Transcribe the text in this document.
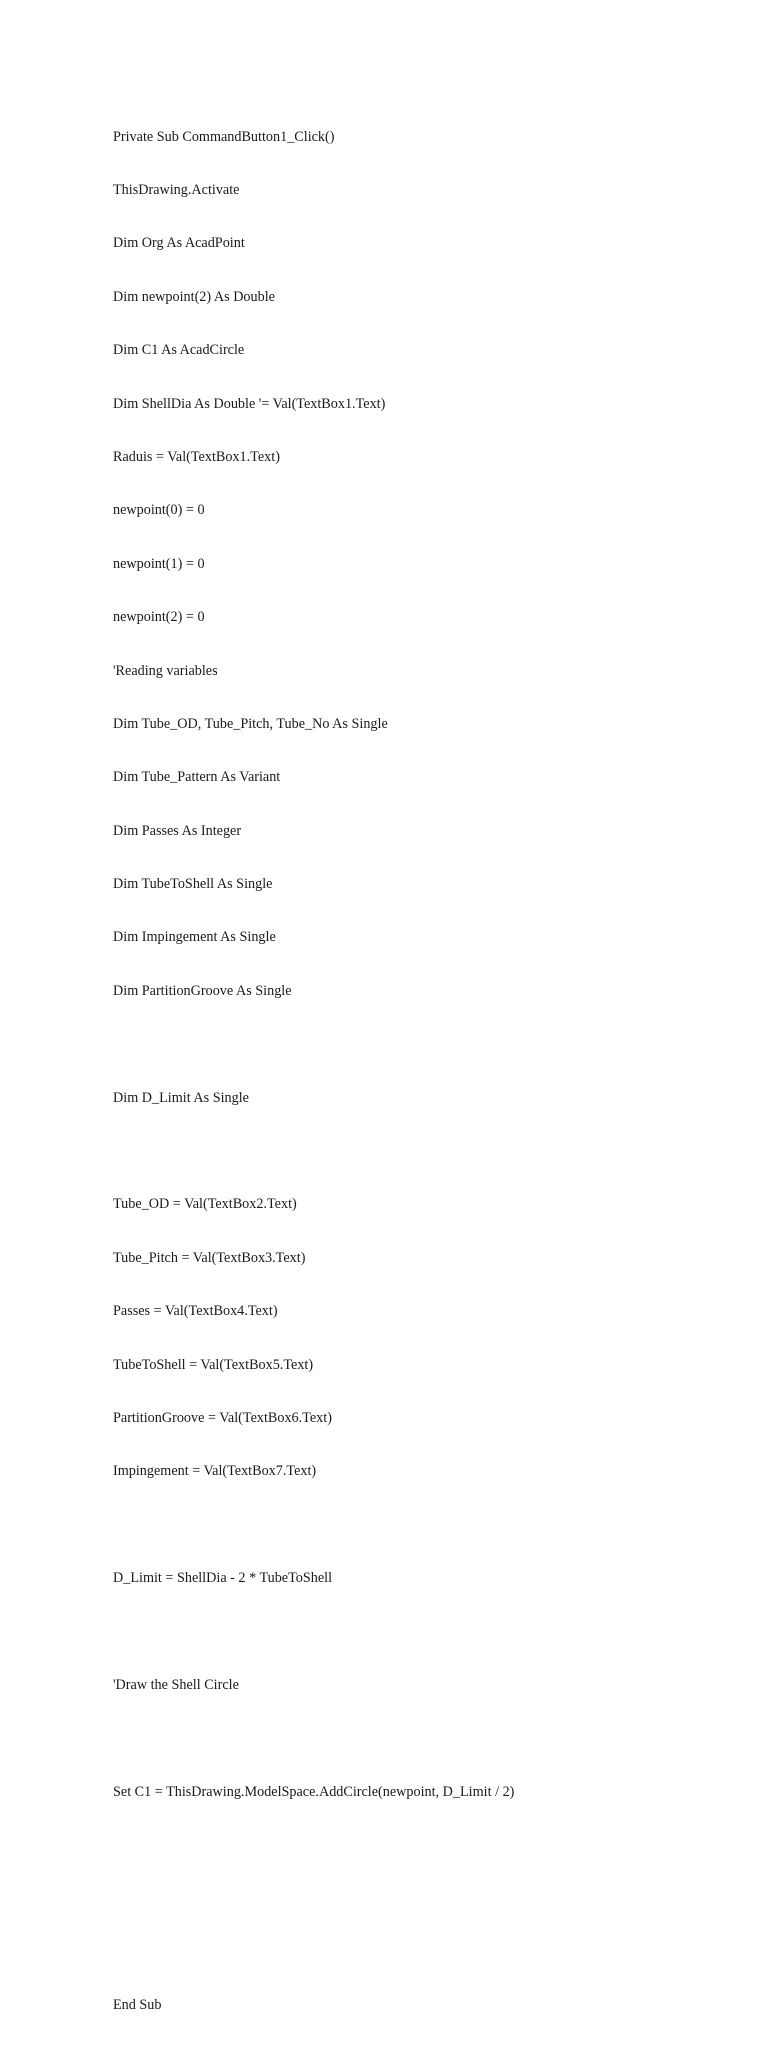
Private Sub CommandButton1_Click()

ThisDrawing.Activate

Dim Org As AcadPoint

Dim newpoint(2) As Double

Dim C1 As AcadCircle

Dim ShellDia As Double '= Val(TextBox1.Text)

Raduis = Val(TextBox1.Text)

newpoint(0) = 0

newpoint(1) = 0

newpoint(2) = 0

'Reading variables

Dim Tube_OD, Tube_Pitch, Tube_No As Single

Dim Tube_Pattern As Variant

Dim Passes As Integer

Dim TubeToShell As Single

Dim Impingement As Single

Dim PartitionGroove As Single

Dim D_Limit As Single

Tube_OD = Val(TextBox2.Text)

Tube_Pitch = Val(TextBox3.Text)

Passes = Val(TextBox4.Text)

TubeToShell = Val(TextBox5.Text)

PartitionGroove = Val(TextBox6.Text)

Impingement = Val(TextBox7.Text)

D_Limit = ShellDia - 2 * TubeToShell

'Draw the Shell Circle

Set C1 = ThisDrawing.ModelSpace.AddCircle(newpoint, D_Limit / 2)

End Sub
